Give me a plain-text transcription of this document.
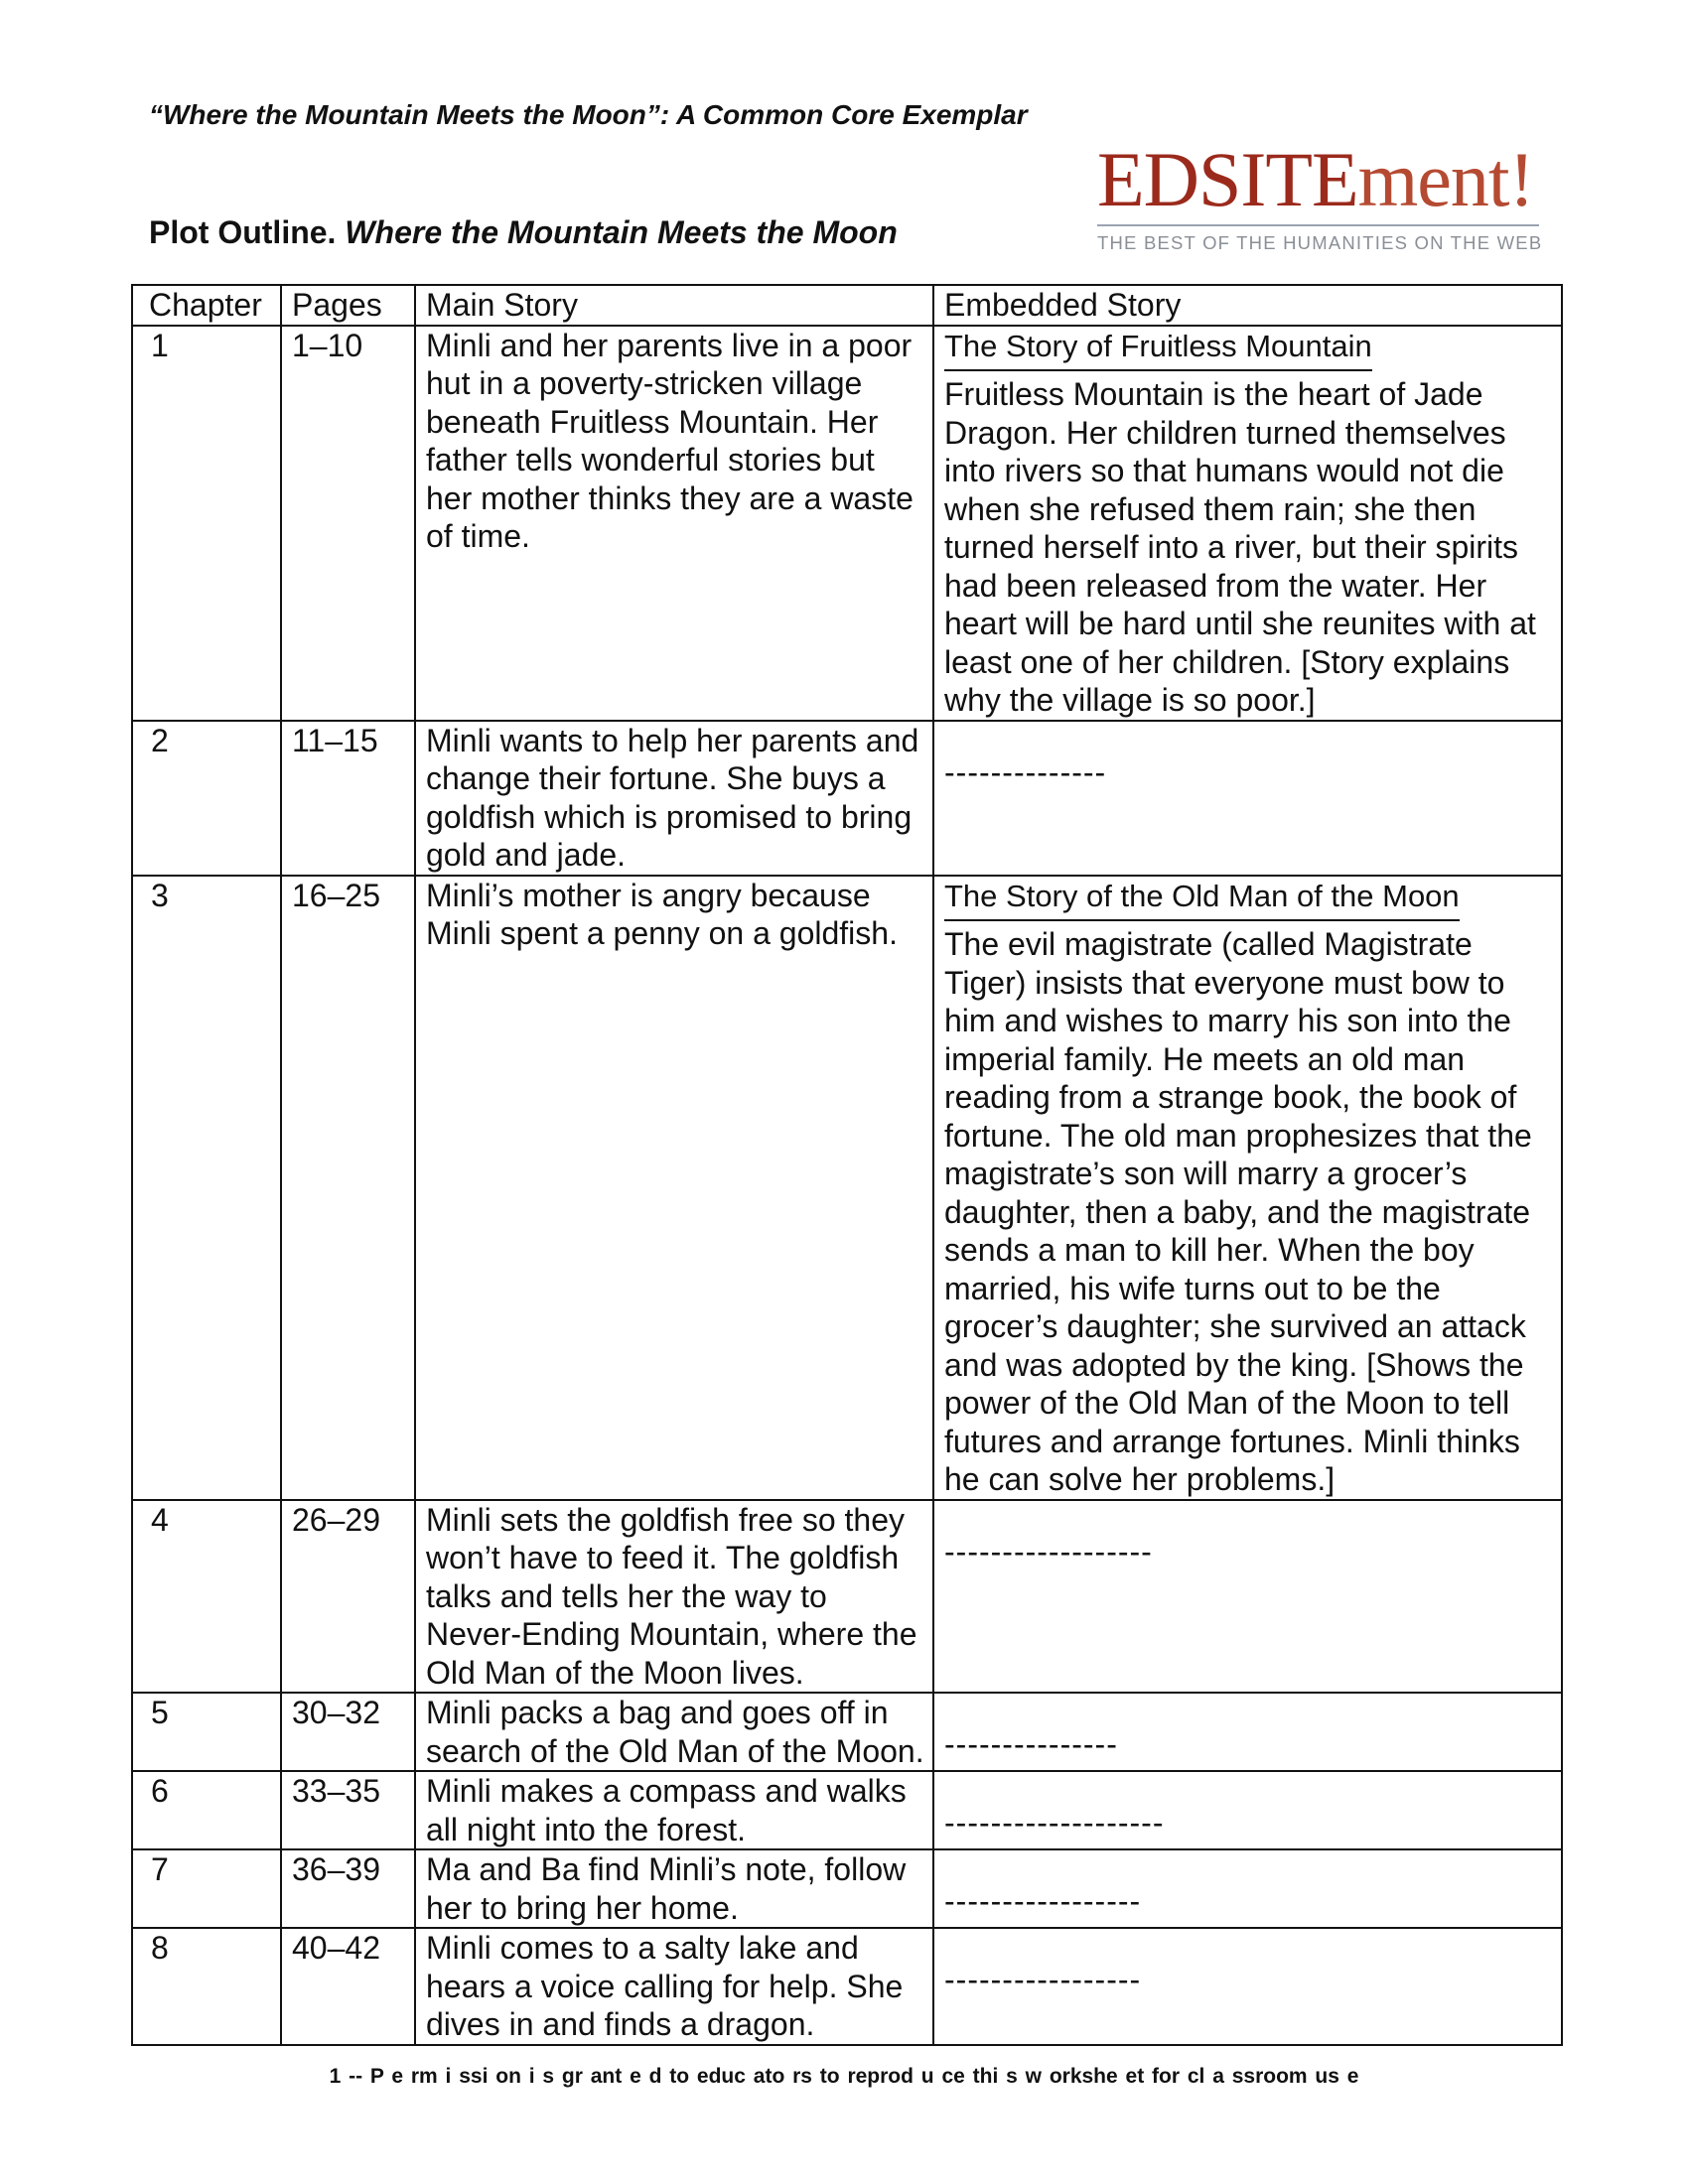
“Where the Mountain Meets the Moon”: A Common Core Exemplar
EDSITEment!
THE BEST OF THE HUMANITIES ON THE WEB
Plot Outline. Where the Mountain Meets the Moon
Chapter	Pages	Main Story	Embedded Story
1	1–10	Minli and her parents live in a poor hut in a poverty-stricken village beneath Fruitless Mountain. Her father tells wonderful stories but her mother thinks they are a waste of time.	The Story of Fruitless Mountain
Fruitless Mountain is the heart of Jade Dragon. Her children turned themselves into rivers so that humans would not die when she refused them rain; she then turned herself into a river, but their spirits had been released from the water. Her heart will be hard until she reunites with at least one of her children. [Story explains why the village is so poor.]

2	11–15	Minli wants to help her parents and change their fortune. She buys a goldfish which is promised to bring gold and jade.	--------------

3	16–25	Minli’s mother is angry because Minli spent a penny on a goldfish.	The Story of the Old Man of the Moon
The evil magistrate (called Magistrate Tiger) insists that everyone must bow to him and wishes to marry his son into the imperial family. He meets an old man reading from a strange book, the book of fortune. The old man prophesizes that the magistrate’s son will marry a grocer’s daughter, then a baby, and the magistrate sends a man to kill her. When the boy married, his wife turns out to be the grocer’s daughter; she survived an attack and was adopted by the king. [Shows the power of the Old Man of the Moon to tell futures and arrange fortunes. Minli thinks he can solve her problems.]

4	26–29	Minli sets the goldfish free so they won’t have to feed it. The goldfish talks and tells her the way to Never-Ending Mountain, where the Old Man of the Moon lives.	------------------

5	30–32	Minli packs a bag and goes off in search of the Old Man of the Moon.	---------------

6	33–35	Minli makes a compass and walks all night into the forest.	-------------------

7	36–39	Ma and Ba find Minli’s note, follow her to bring her home.	-----------------

8	40–42	Minli comes to a salty lake and hears a voice calling for help. She dives in and finds a dragon.	-----------------
1 -- P e rm i ssi on i s gr ant e d to educ ato rs to reprod u ce thi s w orkshe et for cl a ssroom us e
